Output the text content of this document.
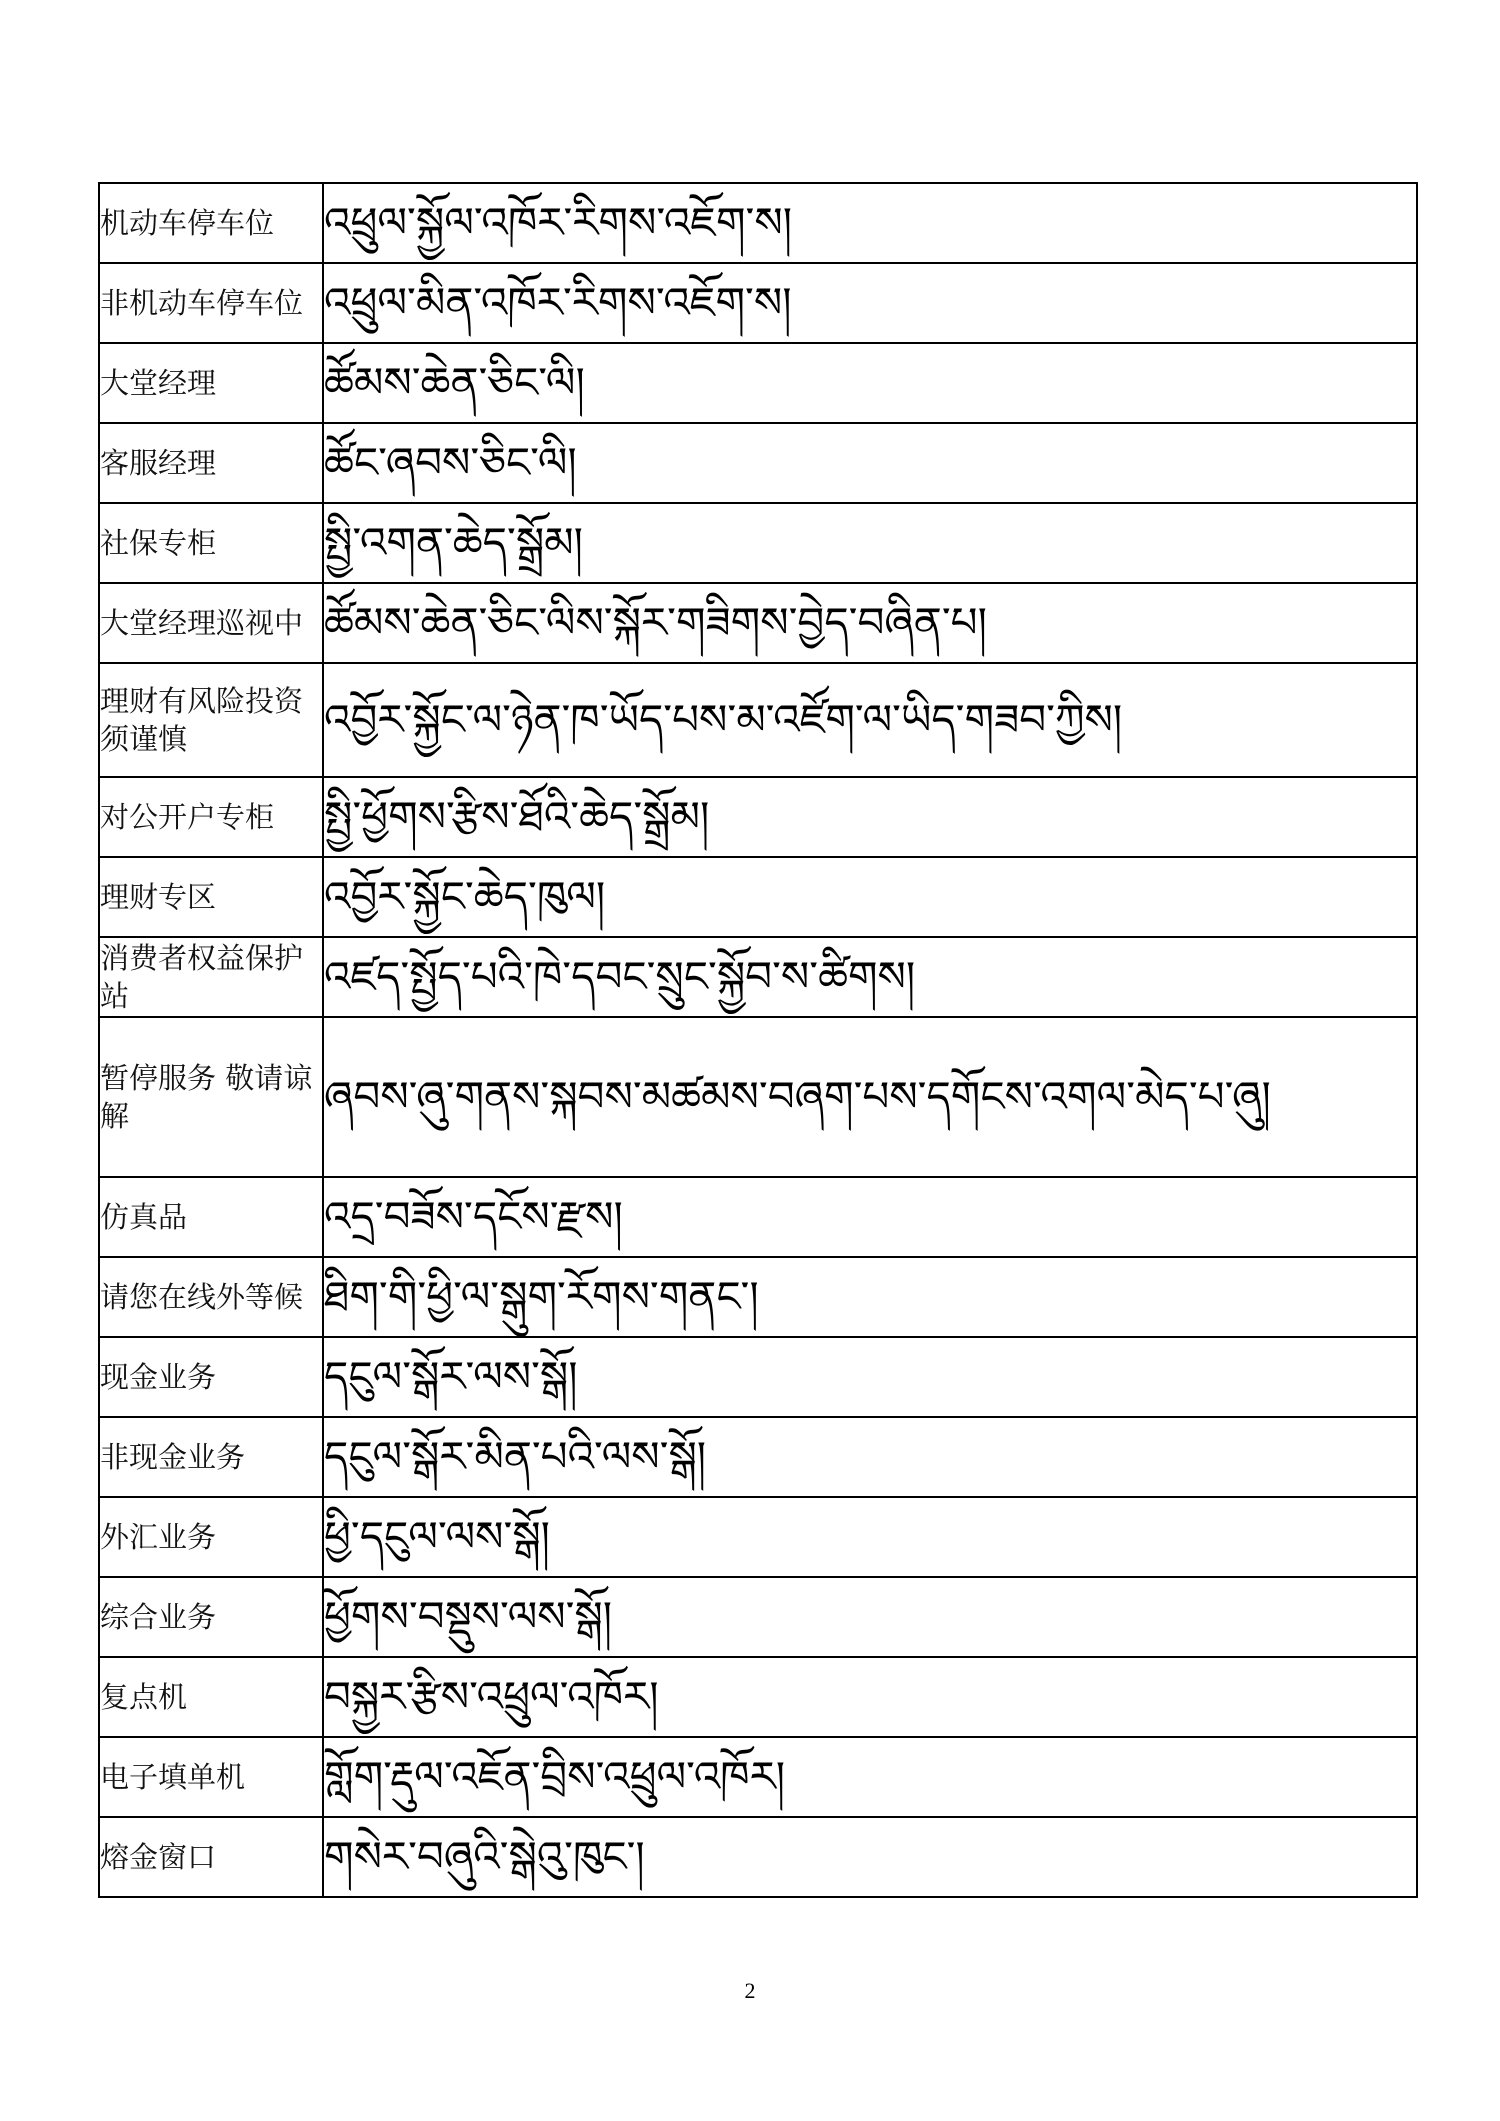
机动车停车位	འཕྲུལ་སྐྱོལ་འཁོར་རིགས་འཇོག་ས།
非机动车停车位	འཕྲུལ་མིན་འཁོར་རིགས་འཇོག་ས།
大堂经理	ཚོམས་ཆེན་ཅིང་ལི།
客服经理	ཚོང་ཞབས་ཅིང་ལི།
社保专柜	སྤྱི་འགན་ཆེད་སྒྲོམ།
大堂经理巡视中	ཚོམས་ཆེན་ཅིང་ལིས་སྐོར་གཟིགས་བྱེད་བཞིན་པ།
理财有风险投资须谨慎	འབྱོར་སྐྱོང་ལ་ཉེན་ཁ་ཡོད་པས་མ་འཛོག་ལ་ཡིད་གཟབ་ཀྱིས།
对公开户专柜	སྤྱི་ཕྱོགས་རྩིས་ཐོའི་ཆེད་སྒྲོམ།
理财专区	འབྱོར་སྐྱོང་ཆེད་ཁུལ།
消费者权益保护站	འཛད་སྤྱོད་པའི་ཁེ་དབང་སྲུང་སྐྱོབ་ས་ཚིགས།
暂停服务 敬请谅解	ཞབས་ཞུ་གནས་སྐབས་མཚམས་བཞག་པས་དགོངས་འགལ་མེད་པ་ཞུ།
仿真品	འདྲ་བཟོས་དངོས་རྫས།
请您在线外等候	ཐིག་གི་ཕྱི་ལ་སྒུག་རོགས་གནང་།
现金业务	དངུལ་སྒོར་ལས་སྒོ།
非现金业务	དངུལ་སྒོར་མིན་པའི་ལས་སྒོ།
外汇业务	ཕྱི་དངུལ་ལས་སྒོ།
综合业务	ཕྱོགས་བསྡུས་ལས་སྒོ།
复点机	བསྐྱར་རྩིས་འཕྲུལ་འཁོར།
电子填单机	གློག་རྡུལ་འཇོན་བྲིས་འཕྲུལ་འཁོར།
熔金窗口	གསེར་བཞུའི་སྒེའུ་ཁུང་།
2
